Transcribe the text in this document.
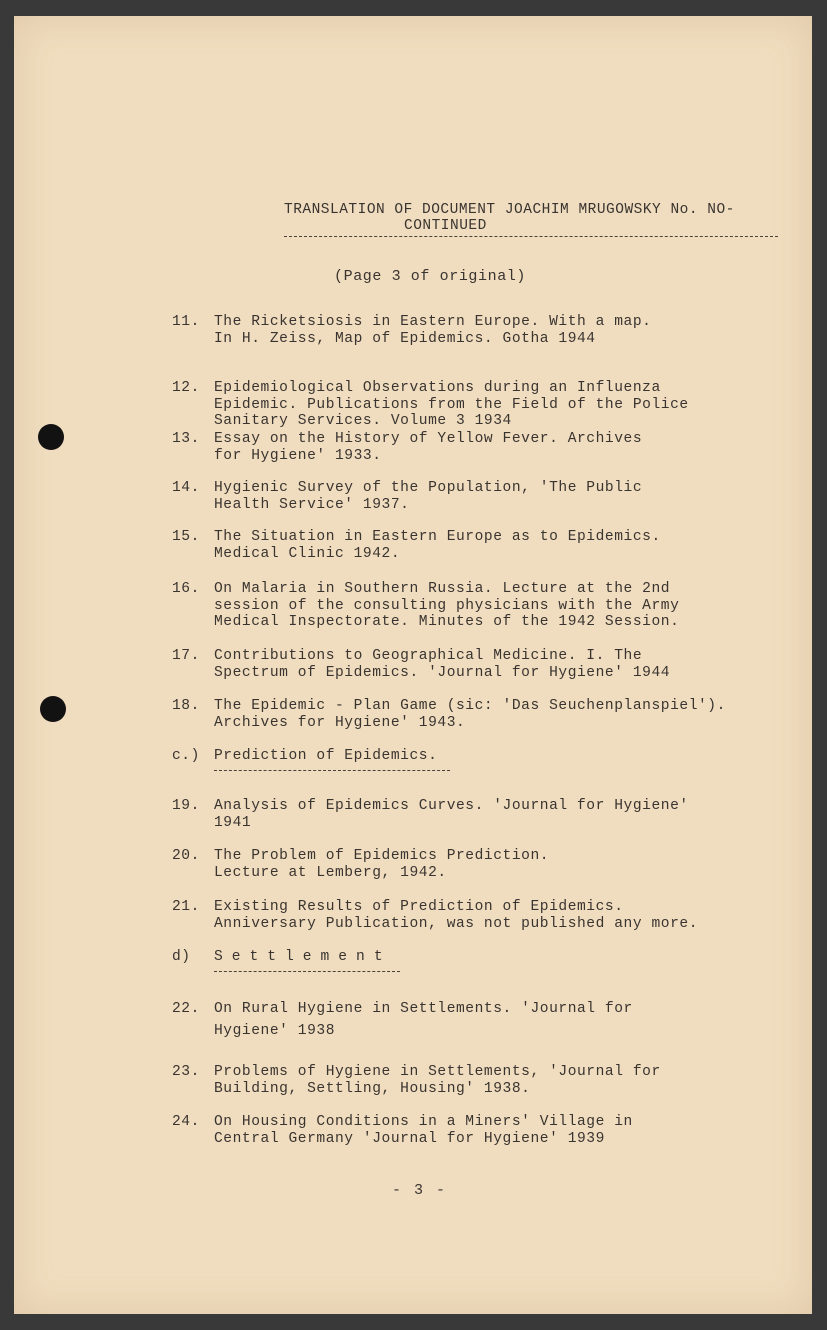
TRANSLATION OF DOCUMENT JOACHIM MRUGOWSKY No. NO-
CONTINUED
(Page 3 of original)
11. The Ricketsiosis in Eastern Europe. With a map.
In H. Zeiss, Map of Epidemics. Gotha 1944
12. Epidemiological Observations during an Influenza
Epidemic. Publications from the Field of the Police
Sanitary Services. Volume 3 1934
13. Essay on the History of Yellow Fever. Archives
for Hygiene' 1933.
14. Hygienic Survey of the Population, 'The Public
Health Service' 1937.
15. The Situation in Eastern Europe as to Epidemics.
Medical Clinic 1942.
16. On Malaria in Southern Russia. Lecture at the 2nd
session of the consulting physicians with the Army
Medical Inspectorate. Minutes of the 1942 Session.
17. Contributions to Geographical Medicine. I. The
Spectrum of Epidemics. 'Journal for Hygiene' 1944
18. The Epidemic - Plan Game (sic: 'Das Seuchenplanspiel').
Archives for Hygiene' 1943.
c.) Prediction of Epidemics.
19. Analysis of Epidemics Curves. 'Journal for Hygiene'
1941
20. The Problem of Epidemics Prediction.
Lecture at Lemberg, 1942.
21. Existing Results of Prediction of Epidemics.
Anniversary Publication, was not published any more.
d) Settlement
22. On Rural Hygiene in Settlements. 'Journal for
Hygiene' 1938
23. Problems of Hygiene in Settlements, 'Journal for
Building, Settling, Housing' 1938.
24. On Housing Conditions in a Miners' Village in
Central Germany 'Journal for Hygiene' 1939
- 3 -
